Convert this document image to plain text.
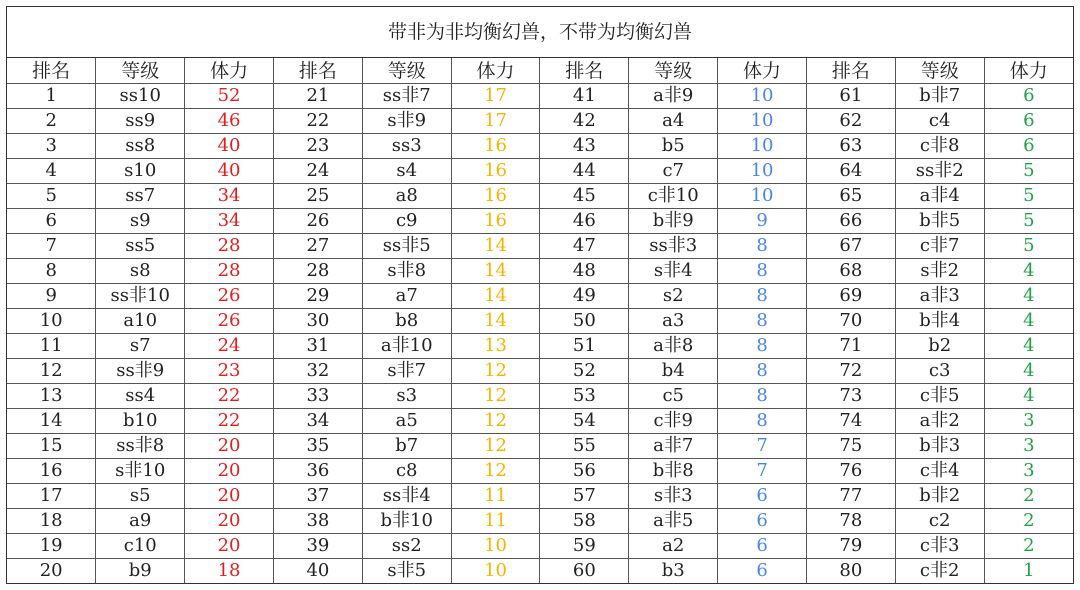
带非为非均衡幻兽，不带为均衡幻兽
排名	等级	体力	排名	等级	体力	排名	等级	体力	排名	等级	体力
1	ss10	52	21	ss非7	17	41	a非9	10	61	b非7	6
2	ss9	46	22	s非9	17	42	a4	10	62	c4	6
3	ss8	40	23	ss3	16	43	b5	10	63	c非8	6
4	s10	40	24	s4	16	44	c7	10	64	ss非2	5
5	ss7	34	25	a8	16	45	c非10	10	65	a非4	5
6	s9	34	26	c9	16	46	b非9	9	66	b非5	5
7	ss5	28	27	ss非5	14	47	ss非3	8	67	c非7	5
8	s8	28	28	s非8	14	48	s非4	8	68	s非2	4
9	ss非10	26	29	a7	14	49	s2	8	69	a非3	4
10	a10	26	30	b8	14	50	a3	8	70	b非4	4
11	s7	24	31	a非10	13	51	a非8	8	71	b2	4
12	ss非9	23	32	s非7	12	52	b4	8	72	c3	4
13	ss4	22	33	s3	12	53	c5	8	73	c非5	4
14	b10	22	34	a5	12	54	c非9	8	74	a非2	3
15	ss非8	20	35	b7	12	55	a非7	7	75	b非3	3
16	s非10	20	36	c8	12	56	b非8	7	76	c非4	3
17	s5	20	37	ss非4	11	57	s非3	6	77	b非2	2
18	a9	20	38	b非10	11	58	a非5	6	78	c2	2
19	c10	20	39	ss2	10	59	a2	6	79	c非3	2
20	b9	18	40	s非5	10	60	b3	6	80	c非2	1
